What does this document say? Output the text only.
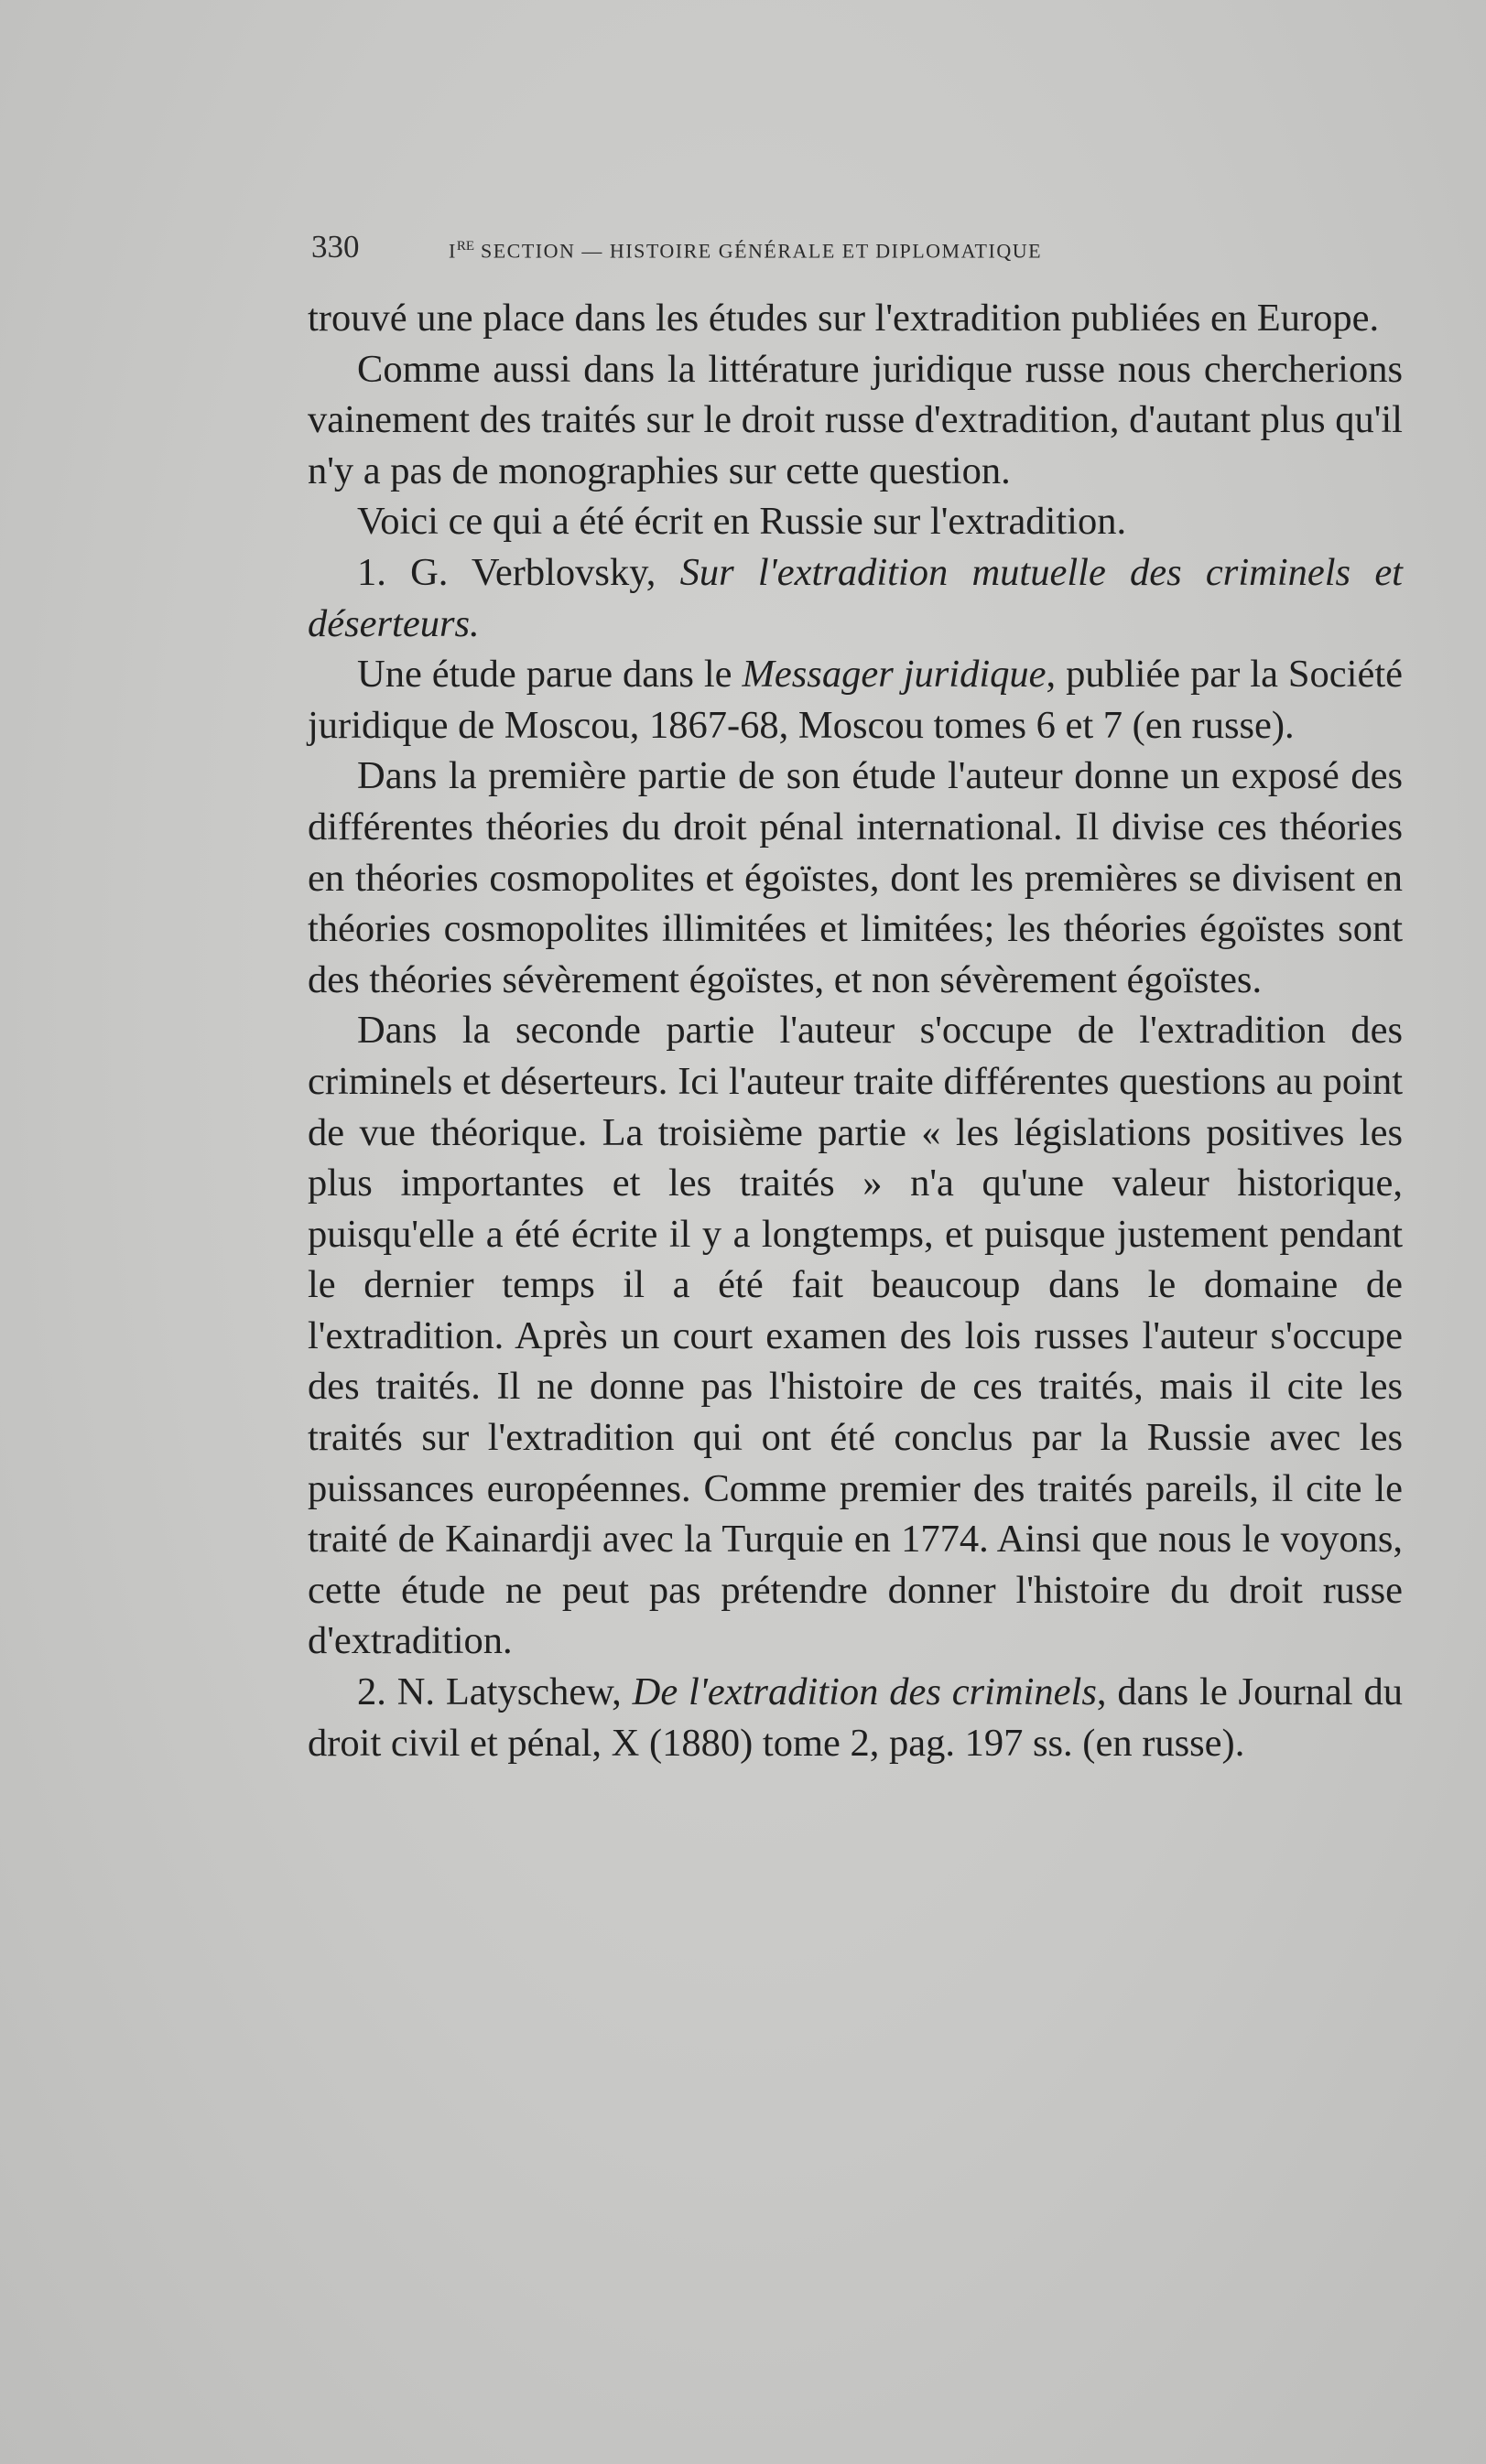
330	IRE SECTION — HISTOIRE GÉNÉRALE ET DIPLOMATIQUE

trouvé une place dans les études sur l'extradition publiées en Europe.

Comme aussi dans la littérature juridique russe nous chercherions vainement des traités sur le droit russe d'extradition, d'autant plus qu'il n'y a pas de monographies sur cette question.

Voici ce qui a été écrit en Russie sur l'extradition.

1. G. Verblovsky, Sur l'extradition mutuelle des criminels et déserteurs.

Une étude parue dans le Messager juridique, publiée par la Société juridique de Moscou, 1867-68, Moscou tomes 6 et 7 (en russe).

Dans la première partie de son étude l'auteur donne un exposé des différentes théories du droit pénal international. Il divise ces théories en théories cosmopolites et égoïstes, dont les premières se divisent en théories cosmopolites illimitées et limitées; les théories égoïstes sont des théories sévèrement égoïstes, et non sévèrement égoïstes.

Dans la seconde partie l'auteur s'occupe de l'extradition des criminels et déserteurs. Ici l'auteur traite différentes questions au point de vue théorique. La troisième partie « les législations positives les plus importantes et les traités » n'a qu'une valeur historique, puisqu'elle a été écrite il y a longtemps, et puisque justement pendant le dernier temps il a été fait beaucoup dans le domaine de l'extradition. Après un court examen des lois russes l'auteur s'occupe des traités. Il ne donne pas l'histoire de ces traités, mais il cite les traités sur l'extradition qui ont été conclus par la Russie avec les puissances européennes. Comme premier des traités pareils, il cite le traité de Kainardji avec la Turquie en 1774. Ainsi que nous le voyons, cette étude ne peut pas prétendre donner l'histoire du droit russe d'extradition.

2. N. Latyschew, De l'extradition des criminels, dans le Journal du droit civil et pénal, X (1880) tome 2, pag. 197 ss. (en russe).
